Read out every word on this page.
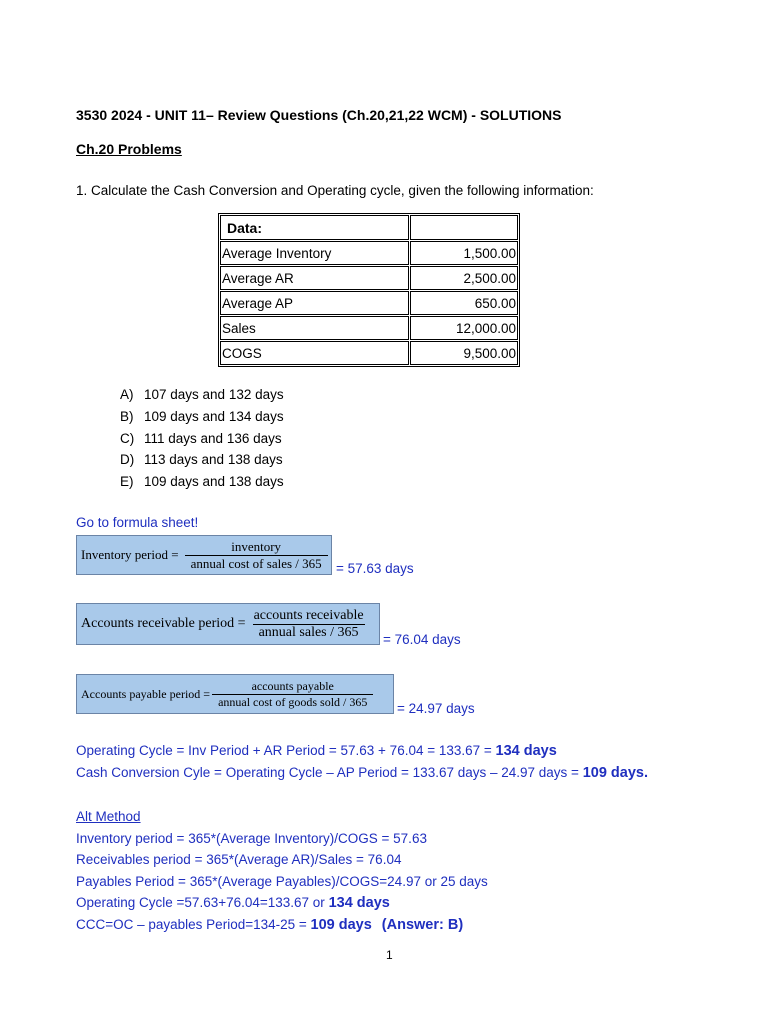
3530 2024 - UNIT 11– Review Questions (Ch.20,21,22 WCM) - SOLUTIONS
Ch.20 Problems
1. Calculate the Cash Conversion and Operating cycle, given the following information:
Data:	
Average Inventory	1,500.00
Average AR	2,500.00
Average AP	650.00
Sales	12,000.00
COGS	9,500.00
A) 107 days and 132 days
B) 109 days and 134 days
C) 111 days and 136 days
D) 113 days and 138 days
E) 109 days and 138 days
Go to formula sheet!
Inventory period = $\frac{\text{inventory}}{\text{annual cost of sales / 365}} = 57.63$ days
Accounts receivable period = $\frac{\text{accounts receivable}}{\text{annual sales / 365}} = 76.04$ days
Accounts payable period = $\frac{\text{accounts payable}}{\text{annual cost of goods sold / 365}} = 24.97$ days
Operating Cycle = Inv Period + AR Period = 57.63 + 76.04 = 133.67 = 134 days
Cash Conversion Cyle = Operating Cycle – AP Period = 133.67 days – 24.97 days = 109 days.
Alt Method
Inventory period = 365*(Average Inventory)/COGS = 57.63
Receivables period = 365*(Average AR)/Sales = 76.04
Payables Period = 365*(Average Payables)/COGS=24.97 or 25 days
Operating Cycle =57.63+76.04=133.67 or 134 days
CCC=OC – payables Period=134-25 = 109 days (Answer: B)
1
